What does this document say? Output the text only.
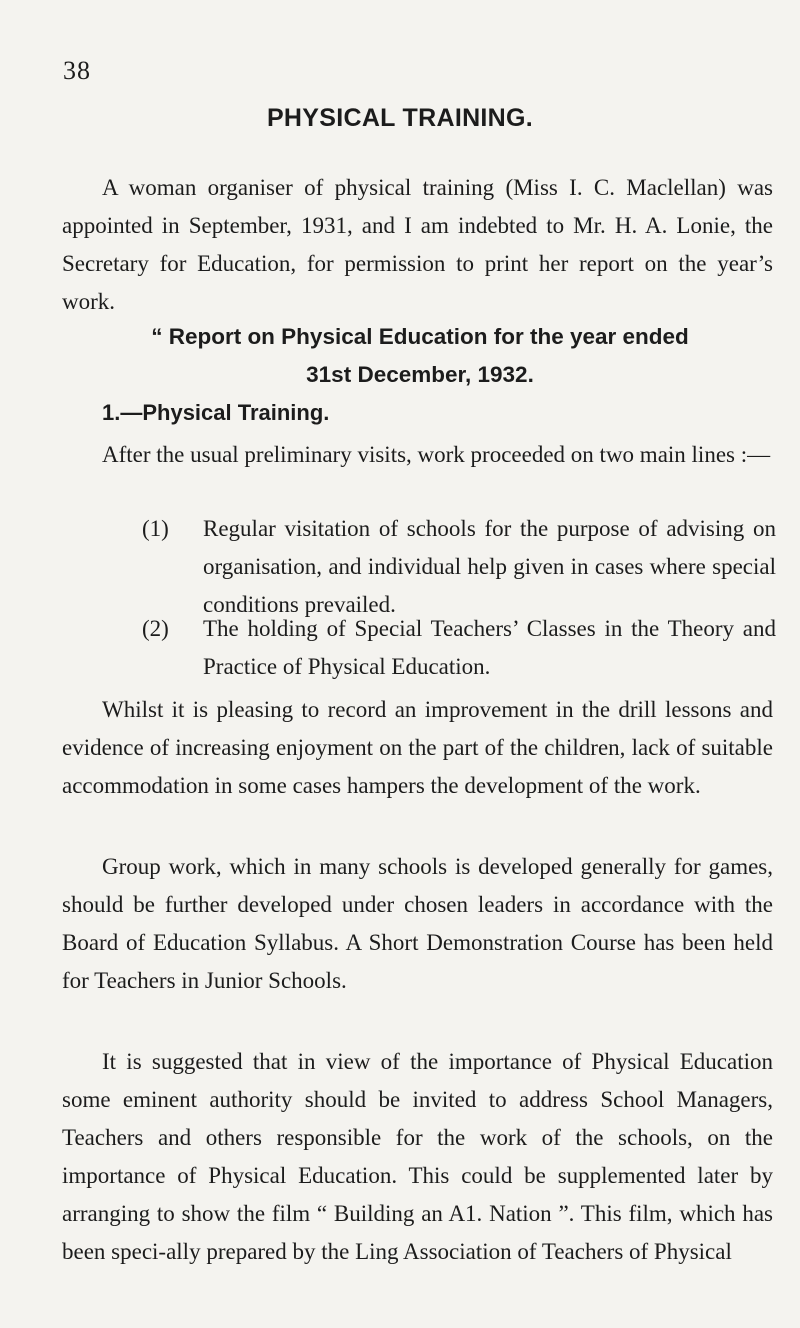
38

PHYSICAL TRAINING.

A woman organiser of physical training (Miss I. C. Maclellan) was appointed in September, 1931, and I am indebted to Mr. H. A. Lonie, the Secretary for Education, for permission to print her report on the year’s work.

“ Report on Physical Education for the year ended
31st December, 1932.
1.—Physical Training.

After the usual preliminary visits, work proceeded on two main lines :—

(1) Regular visitation of schools for the purpose of advising on organisation, and individual help given in cases where special conditions prevailed.

(2) The holding of Special Teachers’ Classes in the Theory and Practice of Physical Education.

Whilst it is pleasing to record an improvement in the drill lessons and evidence of increasing enjoyment on the part of the children, lack of suitable accommodation in some cases hampers the development of the work.

Group work, which in many schools is developed generally for games, should be further developed under chosen leaders in accordance with the Board of Education Syllabus. A Short Demonstration Course has been held for Teachers in Junior Schools.

It is suggested that in view of the importance of Physical Education some eminent authority should be invited to address School Managers, Teachers and others responsible for the work of the schools, on the importance of Physical Education. This could be supplemented later by arranging to show the film “ Building an A1. Nation ”. This film, which has been speci-ally prepared by the Ling Association of Teachers of Physical
